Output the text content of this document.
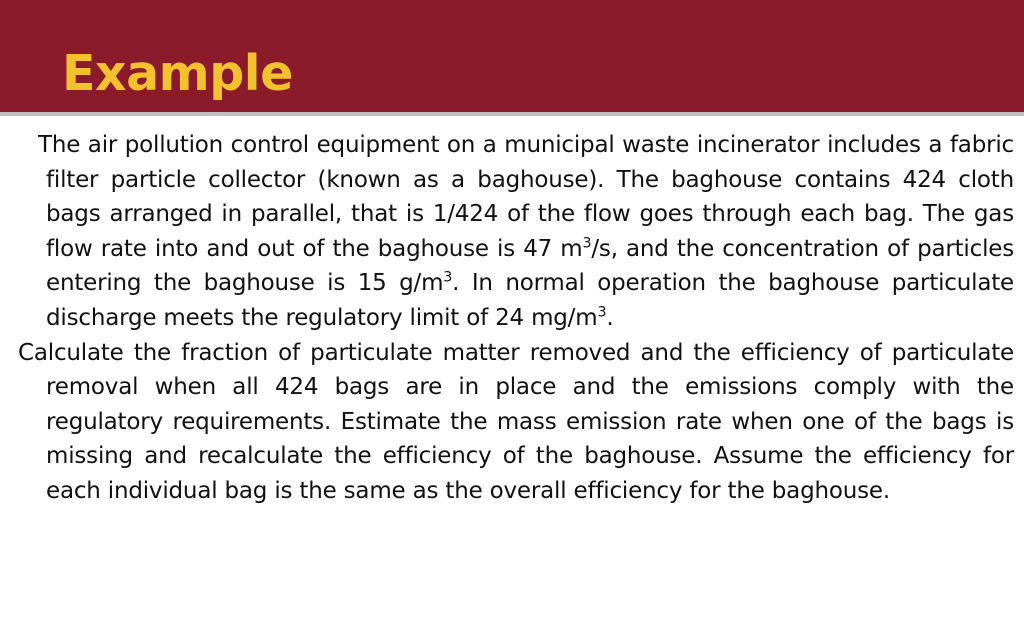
Example

The air pollution control equipment on a municipal waste incinerator includes a fabric filter particle collector (known as a baghouse). The baghouse contains 424 cloth bags arranged in parallel, that is 1/424 of the flow goes through each bag. The gas flow rate into and out of the baghouse is 47 $m^3/s$, and the concentration of particles entering the baghouse is 15 $g/m^3$. In normal operation the baghouse particulate discharge meets the regulatory limit of 24 $mg/m^3$.

Calculate the fraction of particulate matter removed and the efficiency of particulate removal when all 424 bags are in place and the emissions comply with the regulatory requirements. Estimate the mass emission rate when one of the bags is missing and recalculate the efficiency of the baghouse. Assume the efficiency for each individual bag is the same as the overall efficiency for the baghouse.
